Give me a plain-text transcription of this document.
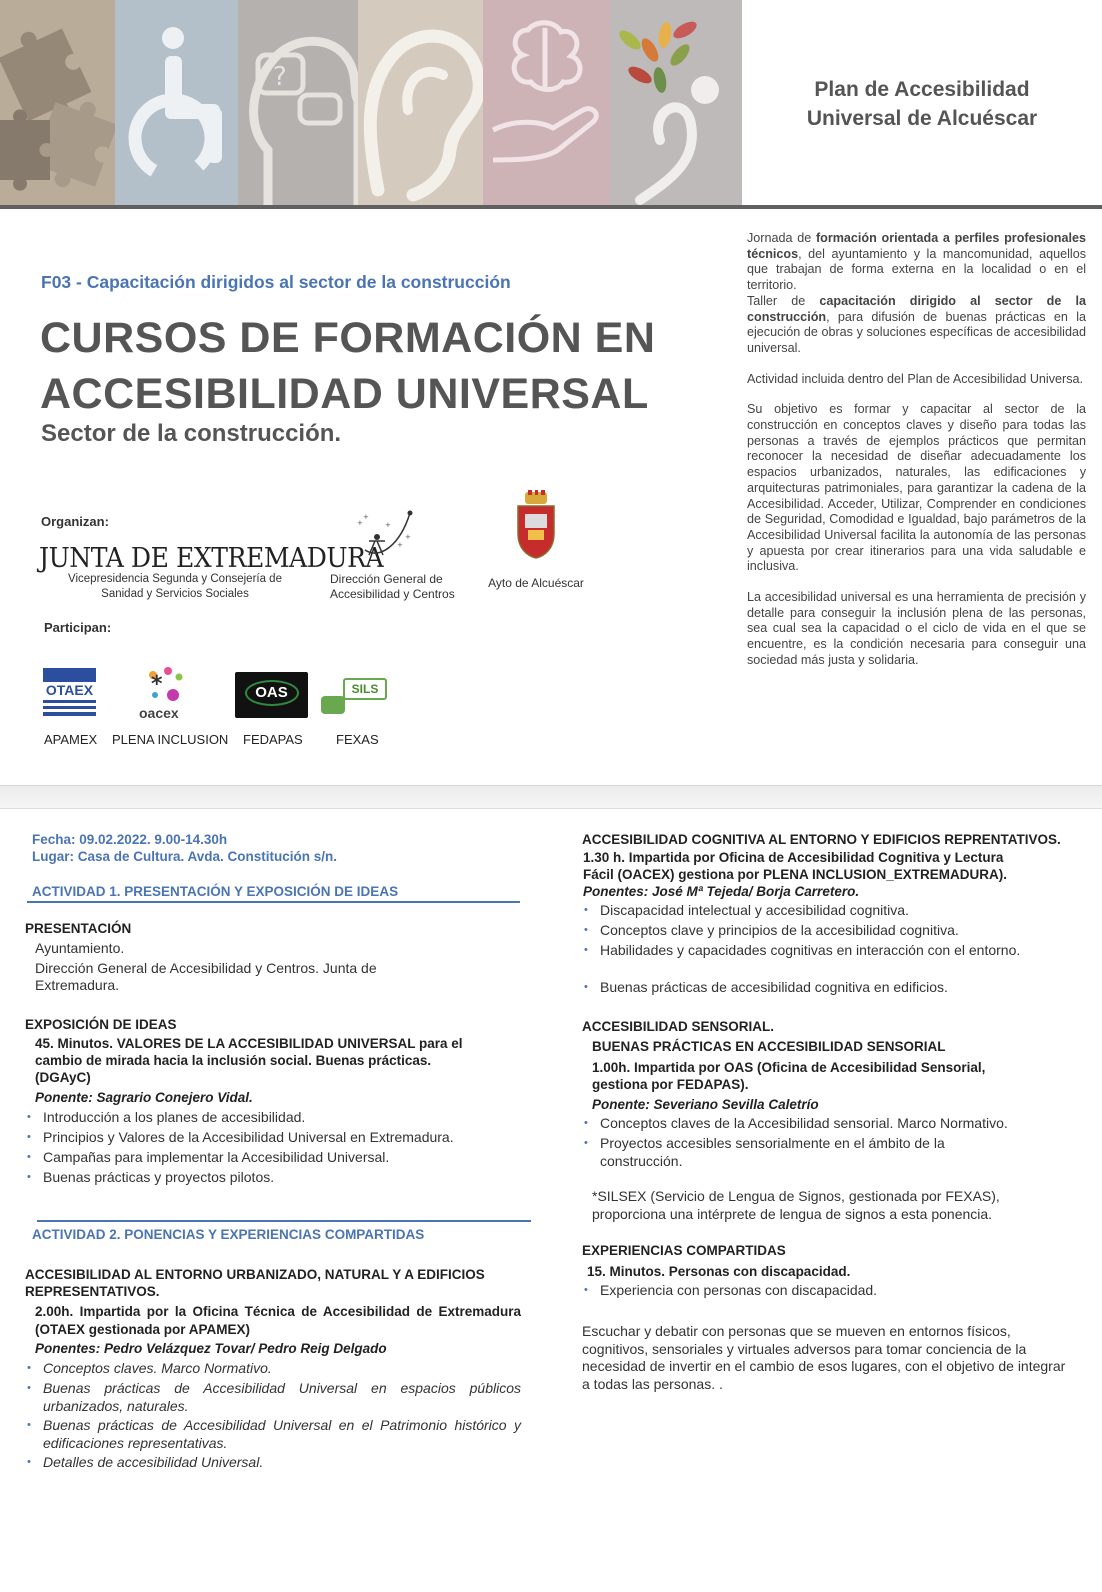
?	Plan de Accesibilidad
Universal de Alcuéscar
F03 - Capacitación dirigidos al sector de la construcción
CURSOS DE FORMACIÓN EN
ACCESIBILIDAD UNIVERSAL
Sector de la construcción.

Jornada de formación orientada a perfiles profesionales técnicos, del ayuntamiento y la mancomunidad, aquellos que trabajan de forma externa en la localidad o en el territorio.

Taller de capacitación dirigido al sector de la construcción, para difusión de buenas prácticas en la ejecución de obras y soluciones específicas de accesibilidad universal.

Actividad incluida dentro del Plan de Accesibilidad Universa.

Su objetivo es formar y capacitar al sector de la construcción en conceptos claves y diseño para todas las personas a través de ejemplos prácticos que permitan reconocer la necesidad de diseñar adecuadamente los espacios urbanizados, naturales, las edificaciones y arquitecturas patrimoniales, para garantizar la cadena de la Accesibilidad. Acceder, Utilizar, Comprender en condiciones de Seguridad, Comodidad e Igualdad, bajo parámetros de la Accesibilidad Universal facilita la autonomía de las personas y apuesta por crear itinerarios para una vida saludable e inclusiva.

La accesibilidad universal es una herramienta de precisión y detalle para conseguir la inclusión plena de las personas, sea cual sea la capacidad o el ciclo de vida en el que se encuentre, es la condición necesaria para conseguir una sociedad más justa y solidaria.

Organizan:
JUNTA DE EXTREMADURA
Vicepresidencia Segunda y Consejería de
Sanidad y Servicios Sociales
+
+
+
+
+
Dirección General de
Accesibilidad y Centros
Ayto de Alcuéscar
Participan:
OTAEX	*
oacex
OAS	SILS
APAMEX PLENA INCLUSION FEDAPAS	FEXAS
Fecha: 09.02.2022. 9.00-14.30h
Lugar: Casa de Cultura. Avda. Constitución s/n.
ACTIVIDAD 1. PRESENTACIÓN Y EXPOSICIÓN DE IDEAS
PRESENTACIÓN
Ayuntamiento.
Dirección General de Accesibilidad y Centros. Junta de
Extremadura.
EXPOSICIÓN DE IDEAS
45. Minutos. VALORES DE LA ACCESIBILIDAD UNIVERSAL para el
cambio de mirada hacia la inclusión social. Buenas prácticas.
(DGAyC)
Ponente: Sagrario Conejero Vidal.
• Introducción a los planes de accesibilidad.
• Principios y Valores de la Accesibilidad Universal en Extremadura.
• Campañas para implementar la Accesibilidad Universal.
• Buenas prácticas y proyectos pilotos.
ACTIVIDAD 2. PONENCIAS Y EXPERIENCIAS COMPARTIDAS
ACCESIBILIDAD AL ENTORNO URBANIZADO, NATURAL Y A EDIFICIOS
REPRESENTATIVOS.
2.00h. Impartida por la Oficina Técnica de Accesibilidad de Extremadura (OTAEX gestionada por APAMEX)
Ponentes: Pedro Velázquez Tovar/ Pedro Reig Delgado
• Conceptos claves. Marco Normativo.
• Buenas prácticas de Accesibilidad Universal en espacios públicos urbanizados, naturales.
• Buenas prácticas de Accesibilidad Universal en el Patrimonio histórico y edificaciones representativas.
• Detalles de accesibilidad Universal.
ACCESIBILIDAD COGNITIVA AL ENTORNO Y EDIFICIOS REPRENTATIVOS.
1.30 h. Impartida por Oficina de Accesibilidad Cognitiva y Lectura
Fácil (OACEX) gestiona por PLENA INCLUSION_EXTREMADURA).
Ponentes: José Mª Tejeda/ Borja Carretero.
• Discapacidad intelectual y accesibilidad cognitiva.
• Conceptos clave y principios de la accesibilidad cognitiva.
• Habilidades y capacidades cognitivas en interacción con el entorno.
• Buenas prácticas de accesibilidad cognitiva en edificios.
ACCESIBILIDAD SENSORIAL.
BUENAS PRÁCTICAS EN ACCESIBILIDAD SENSORIAL
1.00h. Impartida por OAS (Oficina de Accesibilidad Sensorial,
gestiona por FEDAPAS).
Ponente: Severiano Sevilla Caletrío
• Conceptos claves de la Accesibilidad sensorial. Marco Normativo.
• Proyectos accesibles sensorialmente en el ámbito de la construcción.
*SILSEX (Servicio de Lengua de Signos, gestionada por FEXAS),
proporciona una intérprete de lengua de signos a esta ponencia.
EXPERIENCIAS COMPARTIDAS
15. Minutos. Personas con discapacidad.
• Experiencia con personas con discapacidad.
Escuchar y debatir con personas que se mueven en entornos físicos, cognitivos, sensoriales y virtuales adversos para tomar conciencia de la necesidad de invertir en el cambio de esos lugares, con el objetivo de integrar a todas las personas. .
